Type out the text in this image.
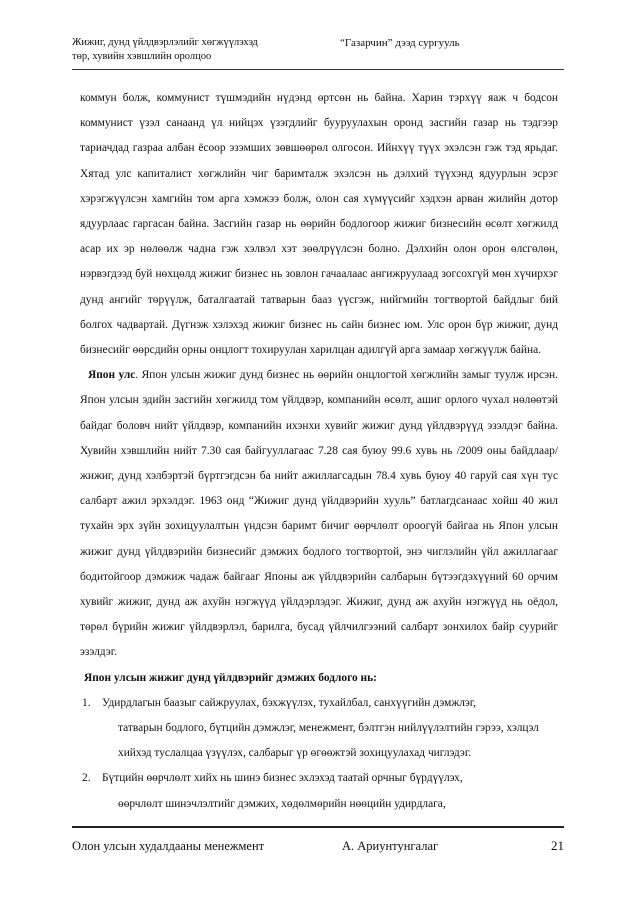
Жижиг, дунд үйлдвэрлэлийг хөгжүүлэхэд
төр, хувийн хэвшлийн оролцоо
“Газарчин” дээд сургууль

коммун болж, коммунист түшмэдийн нүдэнд өртсөн нь байна. Харин тэрхүү яаж ч бодсон коммунист үзэл санаанд үл нийцэх үзэгдлийг бууруулахын оронд засгийн газар нь тэдгээр тариачдад газраа албан ёсоор эзэмших зөвшөөрөл олгосон. Ийнхүү түүх эхэлсэн гэж тэд ярьдаг. Хятад улс капиталист хөгжлийн чиг баримталж эхэлсэн нь дэлхий түүхэнд ядуурлын эсрэг хэрэгжүүлсэн хамгийн том арга хэмжээ болж, олон сая хүмүүсийг хэдхэн арван жилийн дотор ядуурлаас гаргасан байна. Засгийн газар нь өөрийн бодлогоор жижиг бизнесийн өсөлт хөгжилд асар их эр нөлөөлж чадна гэж хэлвэл хэт зөөлрүүлсэн болно. Дэлхийн олон орон өлсгөлөн, нэрвэгдээд буй нөхцөлд жижиг бизнес нь зовлон гачаалаас ангижруулаад зогсохгүй мөн хүчирхэг дунд ангийг төрүүлж, баталгаатай татварын бааз үүсгэж, нийгмийн тогтвортой байдлыг бий болгох чадвартай. Дүгнэж хэлэхэд жижиг бизнес нь сайн бизнес юм. Улс орон бүр жижиг, дунд бизнесийг өөрсдийн орны онцлогт тохируулан харилцан адилгүй арга замаар хөгжүүлж байна.

Япон улс. Япон улсын жижиг дунд бизнес нь өөрийн онцлогтой хөгжлийн замыг туулж ирсэн. Япон улсын эдийн засгийн хөгжилд том үйлдвэр, компанийн өсөлт, ашиг орлого чухал нөлөөтэй байдаг боловч нийт үйлдвэр, компанийн ихэнхи хувийг жижиг дунд үйлдвэрүүд эзэлдэг байна. Хувийн хэвшлийн нийт 7.30 сая байгууллагаас 7.28 сая буюу 99.6 хувь нь /2009 оны байдлаар/ жижиг, дунд хэлбэртэй бүртгэгдсэн ба нийт ажиллагсадын 78.4 хувь буюу 40 гаруй сая хүн тус салбарт ажил эрхэлдэг. 1963 онд “Жижиг дунд үйлдвэрийн хууль” батлагдсанаас хойш 40 жил тухайн эрх зүйн зохицуулалтын үндсэн баримт бичиг өөрчлөлт ороогүй байгаа нь Япон улсын жижиг дунд үйлдвэрийн бизнесийг дэмжих бодлого тогтвортой, энэ чиглэлийн үйл ажиллагааг бодитойгоор дэмжиж чадаж байгааг Японы аж үйлдвэрийн салбарын бүтээгдэхүүний 60 орчим хувийг жижиг, дунд аж ахуйн нэгжүүд үйлдэрлэдэг. Жижиг, дунд аж ахуйн нэгжүүд нь оёдол, төрөл бүрийн жижиг үйлдвэрлэл, барилга, бусад үйлчилгээний салбарт зонхилох байр суурийг эзэлдэг.

Япон улсын жижиг дунд үйлдвэрийг дэмжих бодлого нь:

1.	Удирдлагын баазыг сайжруулах, бэхжүүлэх, тухайлбал, санхүүгийн дэмжлэг,
татварын бодлого, бүтцийн дэмжлэг, менежмент, бэлтгэн нийлүүлэлтийн гэрээ, хэлцэл хийхэд туслалцаа үзүүлэх, салбарыг үр өгөөжтэй зохицуулахад чиглэдэг.
2.	Бүтцийн өөрчлөлт хийх нь шинэ бизнес эхлэхэд таатай орчныг бүрдүүлэх,
өөрчлөлт шинэчлэлтийг дэмжих, хөдөлмөрийн нөөцийн удирдлага,
Олон улсын худалдааны менежмент	А. Ариунтунгалаг	21
